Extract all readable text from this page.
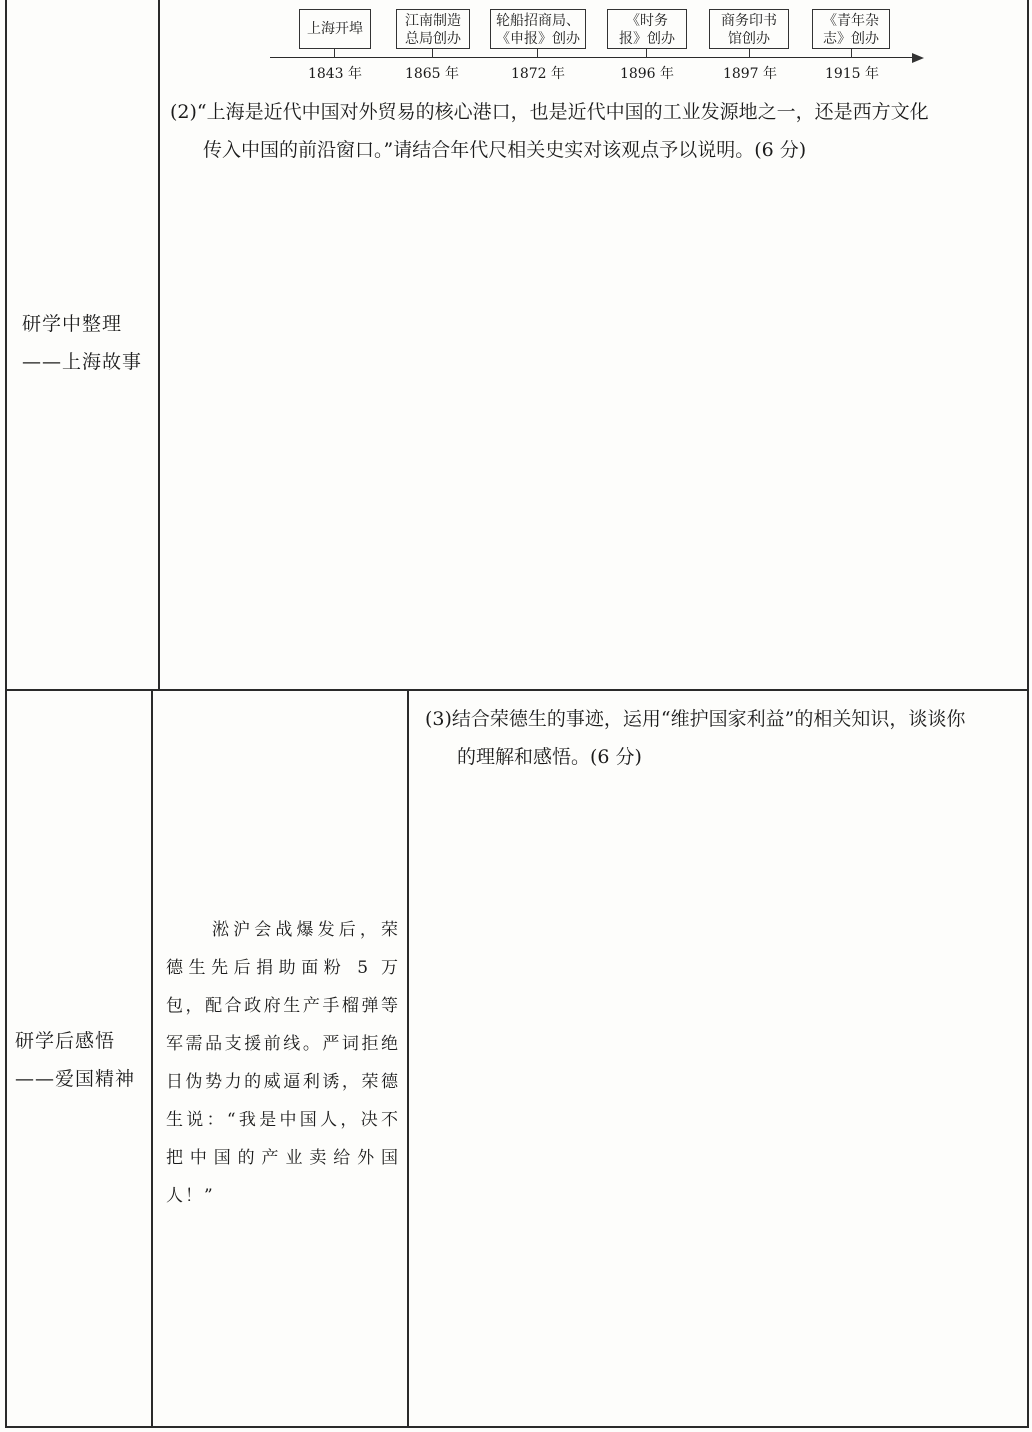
上海开埠
1843 年
江南制造总局创办
1865 年
轮船招商局、《申报》创办
1872 年
《时务报》创办
1896 年
商务印书馆创办
1897 年
《青年杂志》创办
1915 年
(2)“上海是近代中国对外贸易的核心港口，也是近代中国的工业发源地之一，还是西方文化
传入中国的前沿窗口。”请结合年代尺相关史实对该观点予以说明。(6 分)
研学中整理
——上海故事
研学后感悟
——爱国精神
淞沪会战爆发后，荣德生先后捐助面粉 5 万包，配合政府生产手榴弹等军需品支援前线。严词拒绝日伪势力的威逼利诱，荣德生说：“我是中国人，决不把中国的产业卖给外国人！”
(3)结合荣德生的事迹，运用“维护国家利益”的相关知识，谈谈你
的理解和感悟。(6 分)
